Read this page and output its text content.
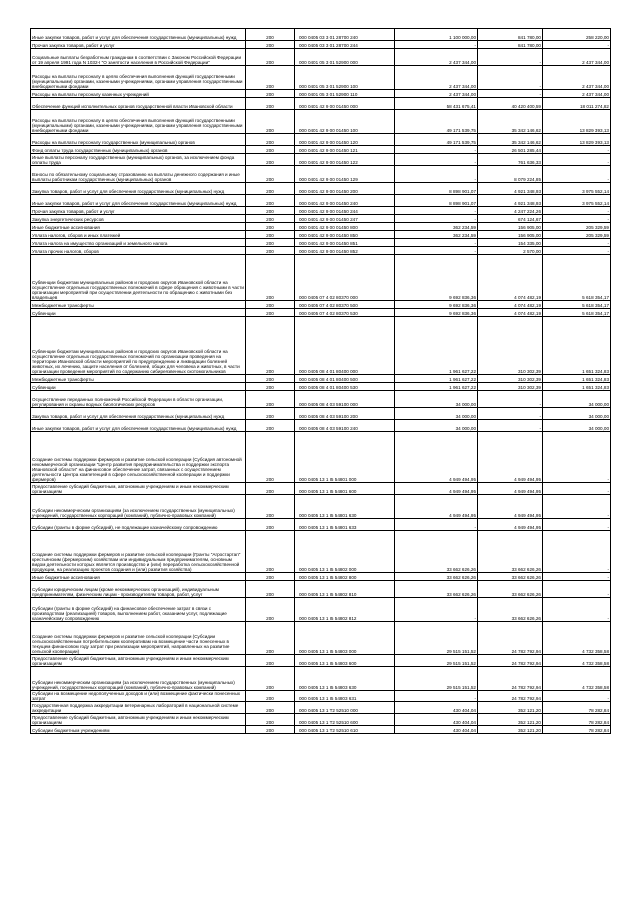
Иные закупки товаров, работ и услуг для обеспечения государственных (муниципальных) нужд	200	000 0405 03 3 01 28700 240	1 100 000,00	841 780,00	258 220,00
Прочая закупка товаров, работ и услуг	200	000 0405 03 3 01 28700 244	-	841 780,00	-
Социальные выплаты безработным гражданам в соответствии с Законом Российской Федерации от 19 апреля 1991 года N 1032-I "О занятости населения в Российской Федерации"	200	000 0401 05 3 01 52900 000	2 437 344,00	-	2 437 344,00
Расходы на выплаты персоналу в целях обеспечения выполнения функций государственными (муниципальными) органами, казенными учреждениями, органами управления государственными внебюджетными фондами	200	000 0401 05 3 01 52900 100	2 437 344,00	-	2 437 344,00
Расходы на выплаты персоналу казенных учреждений	200	000 0401 05 3 01 52900 110	2 437 344,00	-	2 437 344,00
Обеспечение функций исполнительных органов государственной власти Ивановской области	200	000 0401 42 9 00 01450 000	58 431 675,41	40 420 400,59	18 011 274,82
Расходы на выплаты персоналу в целях обеспечения выполнения функций государственными (муниципальными) органами, казенными учреждениями, органами управления государственными внебюджетными фондами	200	000 0401 42 9 00 01450 100	49 171 539,75	35 342 146,62	13 829 393,13
Расходы на выплаты персоналу государственных (муниципальных) органов	200	000 0401 42 9 00 01450 120	49 171 539,75	35 342 146,62	13 829 393,13
Фонд оплаты труда государственных (муниципальных) органов	200	000 0401 42 9 00 01450 121	-	26 501 285,44	-
Иные выплаты персоналу государственных (муниципальных) органов, за исключением фонда оплаты труда	200	000 0401 42 9 00 01450 122	-	761 636,33	-
Взносы по обязательному социальному страхованию на выплаты денежного содержания и иные выплаты работникам государственных (муниципальных) органов	200	000 0401 42 9 00 01450 129	-	8 079 224,85	-
Закупка товаров, работ и услуг для обеспечения государственных (муниципальных) нужд	200	000 0401 42 9 00 01450 200	8 898 901,07	4 921 348,93	3 975 552,14
Иные закупки товаров, работ и услуг для обеспечения государственных (муниципальных) нужд	200	000 0401 42 9 00 01450 240	8 898 901,07	4 921 348,93	3 975 552,14
Прочая закупка товаров, работ и услуг	200	000 0401 42 9 00 01450 244	-	4 247 224,26	-
Закупка энергетических ресурсов	200	000 0401 42 9 00 01450 247	-	674 124,67	-
Иные бюджетные ассигнования	200	000 0401 42 9 00 01450 800	362 234,59	156 905,00	205 329,59
Уплата налогов, сборов и иных платежей	200	000 0401 42 9 00 01450 850	362 234,59	156 905,00	205 329,59
Уплата налога на имущество организаций и земельного налога	200	000 0401 42 9 00 01450 851	-	154 335,00	-
Уплата прочих налогов, сборов	200	000 0401 42 9 00 01450 852	-	2 570,00	-
Субвенции бюджетам муниципальных районов и городских округов Ивановской области на осуществление отдельных государственных полномочий в сфере обращения с животными в части организации мероприятий при осуществлении деятельности по обращению с животными без владельцев	200	000 0405 07 4 02 80370 000	9 692 836,36	4 074 482,19	5 618 354,17
Межбюджетные трансферты	200	000 0405 07 4 02 80370 500	9 692 836,36	4 074 482,19	5 618 354,17
Субвенции	200	000 0405 07 4 02 80370 530	9 692 836,36	4 074 482,19	5 618 354,17
Субвенции бюджетам муниципальных районов и городских округов Ивановской области на осуществление отдельных государственных полномочий по организации проведения на территории Ивановской области мероприятий по предупреждению и ликвидации болезней животных, их лечению, защите населения от болезней, общих для человека и животных, в части организации проведения мероприятий по содержанию сибиреязвенных скотомогильников	200	000 0405 08 4 01 80400 000	1 961 627,22	310 302,39	1 651 324,83
Межбюджетные трансферты	200	000 0405 08 4 01 80400 500	1 961 627,22	310 302,39	1 651 324,83
Субвенции	200	000 0405 08 4 01 80400 530	1 961 627,22	310 302,39	1 651 324,83
Осуществление переданных полномочий Российской Федерации в области организации, регулирования и охраны водных биологических ресурсов	200	000 0405 08 4 03 59100 000	34 000,00	-	34 000,00
Закупка товаров, работ и услуг для обеспечения государственных (муниципальных) нужд	200	000 0405 08 4 03 59100 200	34 000,00	-	34 000,00
Иные закупки товаров, работ и услуг для обеспечения государственных (муниципальных) нужд	200	000 0405 08 4 03 59100 240	34 000,00	-	34 000,00
Создание системы поддержки фермеров и развитие сельской кооперации (Субсидия автономной некоммерческой организации "Центр развития предпринимательства и поддержки экспорта Ивановской области" на финансовое обеспечение затрат, связанных с осуществлением деятельности Центра компетенций в сфере сельскохозяйственной кооперации и поддержки фермеров)	200	000 0405 13 1 I5 54801 000	4 949 494,95	4 949 494,95	-
Предоставление субсидий бюджетным, автономным учреждениям и иным некоммерческим организациям	200	000 0405 13 1 I5 54801 600	4 949 494,95	4 949 494,95	-
Субсидии некоммерческим организациям (за исключением государственных (муниципальных) учреждений, государственных корпораций (компаний), публично-правовых компаний)	200	000 0405 13 1 I5 54801 630	4 949 494,95	4 949 494,95	-
Субсидии (гранты в форме субсидий), не подлежащие казначейскому сопровождению	200	000 0405 13 1 I5 54801 633	-	4 949 494,95	-
Создание системы поддержки фермеров и развитие сельской кооперации (Гранты "Агростартап" крестьянским (фермерским) хозяйствам или индивидуальным предпринимателям, основным видом деятельности которых является производство и (или) переработка сельскохозяйственной продукции, на реализацию проектов создания и (или) развития хозяйства)	200	000 0405 13 1 I5 54802 000	33 662 626,26	33 662 626,26	-
Иные бюджетные ассигнования	200	000 0405 13 1 I5 54802 800	33 662 626,26	33 662 626,26	-
Субсидии юридическим лицам (кроме некоммерческих организаций), индивидуальным предпринимателям, физическим лицам - производителям товаров, работ, услуг	200	000 0405 13 1 I5 54802 810	33 662 626,26	33 662 626,26	-
Субсидии (гранты в форме субсидий) на финансовое обеспечение затрат в связи с производством (реализацией) товаров, выполнением работ, оказанием услуг, подлежащие казначейскому сопровождению	200	000 0405 13 1 I5 54802 812	-	33 662 626,26	-
Создание системы поддержки фермеров и развитие сельской кооперации (Субсидии сельскохозяйственным потребительским кооперативам на возмещение части понесенных в текущем финансовом году затрат при реализации мероприятий, направленных на развитие сельской кооперации)	200	000 0405 13 1 I5 54803 000	29 515 151,52	24 782 792,94	4 732 358,58
Предоставление субсидий бюджетным, автономным учреждениям и иным некоммерческим организациям	200	000 0405 13 1 I5 54803 600	29 515 151,52	24 782 792,94	4 732 358,58
Субсидии некоммерческим организациям (за исключением государственных (муниципальных) учреждений, государственных корпораций (компаний), публично-правовых компаний)	200	000 0405 13 1 I5 54803 630	29 515 151,52	24 782 792,94	4 732 358,58
Субсидии на возмещение недополученных доходов и (или) возмещение фактически понесенных затрат	200	000 0405 13 1 I5 54803 631	-	24 782 792,94	-
Государственная поддержка аккредитации ветеринарных лабораторий в национальной системе аккредитации	200	000 0405 13 1 T2 52510 000	430 404,04	352 121,20	78 282,84
Предоставление субсидий бюджетным, автономным учреждениям и иным некоммерческим организациям	200	000 0405 13 1 T2 52510 600	430 404,04	352 121,20	78 282,84
Субсидии бюджетным учреждениям	200	000 0405 13 1 T2 52510 610	430 404,04	352 121,20	78 282,84
